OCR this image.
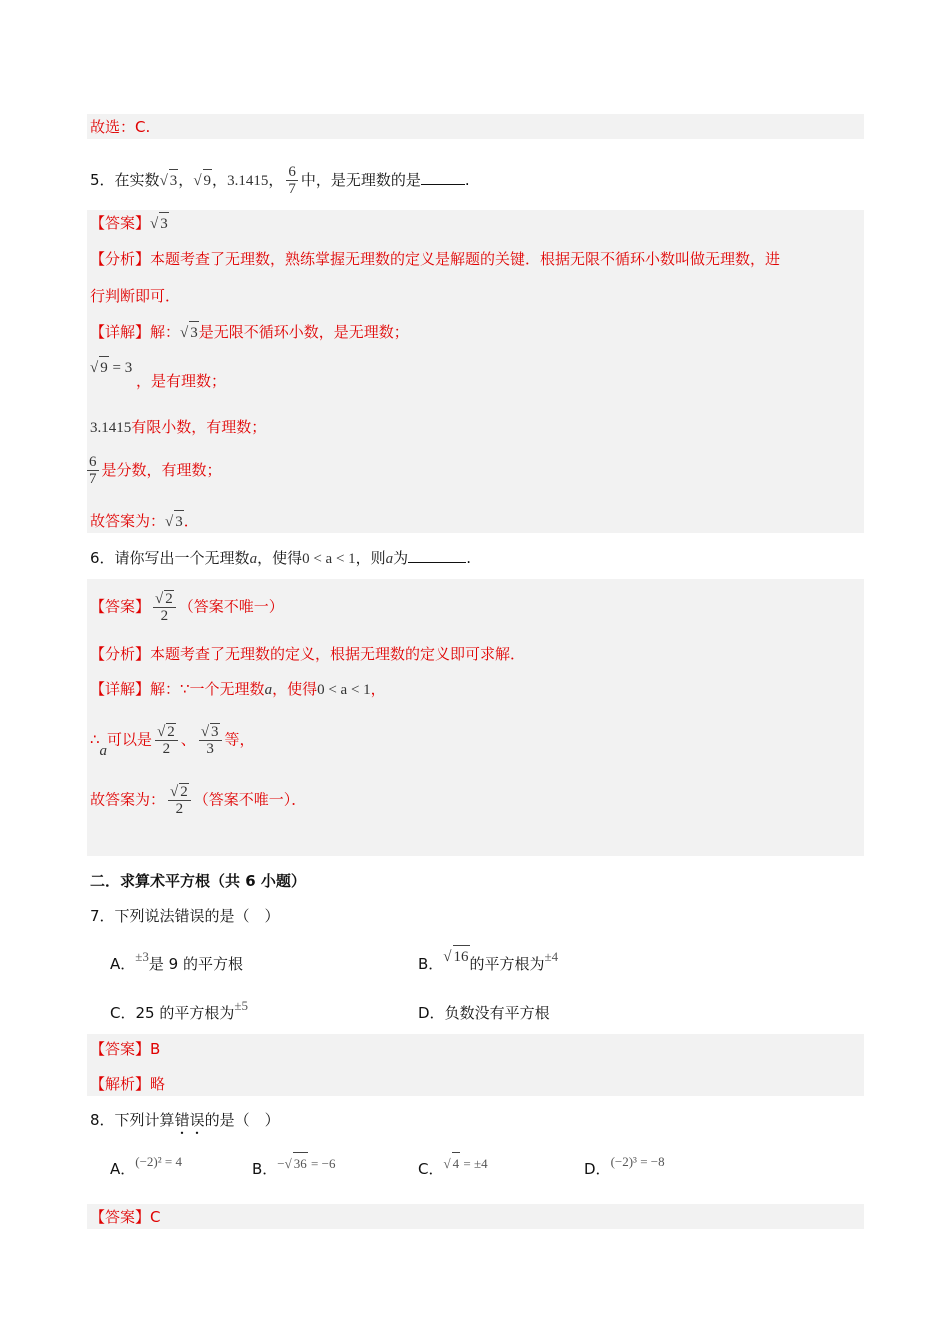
故选：C.
5．在实数√ 3，√ 9，3.1415， $\frac{6}{7}$ 中，是无理数的是	.
【答案】√ 3
【分析】本题考查了无理数，熟练掌握无理数的定义是解题的关键．根据无限不循环小数叫做无理数，进
行判断即可．
【详解】解：√ 3是无限不循环小数，是无理数；
√ 9 = 3
，是有理数；
3.1415有限小数，有理数；
$\frac{6}{7}$ 是分数，有理数；
故答案为：√ 3．
6．请你写出一个无理数a，使得0 < a < 1，则a为	.
【答案】 $\frac{√ 2}{2}$ （答案不唯一）
【分析】本题考查了无理数的定义，根据无理数的定义即可求解．
【详解】解：∵一个无理数a，使得0 < a < 1，
∴a可以是 $\frac{√ 2}{2}$ 、 $\frac{√ 3}{3}$ 等，
故答案为： $\frac{√ 2}{2}$ （答案不唯一）．
二．求算术平方根（共 6 小题）
7．下列说法错误的是（　）
A．±3是 9 的平方根	B．√ 16的平方根为±4
C．25 的平方根为±5	D．负数没有平方根
【答案】B
【解析】略
8．下列计算错误的是（　）
A．(−2)² = 4	B．−√ 36 = −6	C．√ 4 = ±4	D．(−2)³ = −8
【答案】C
